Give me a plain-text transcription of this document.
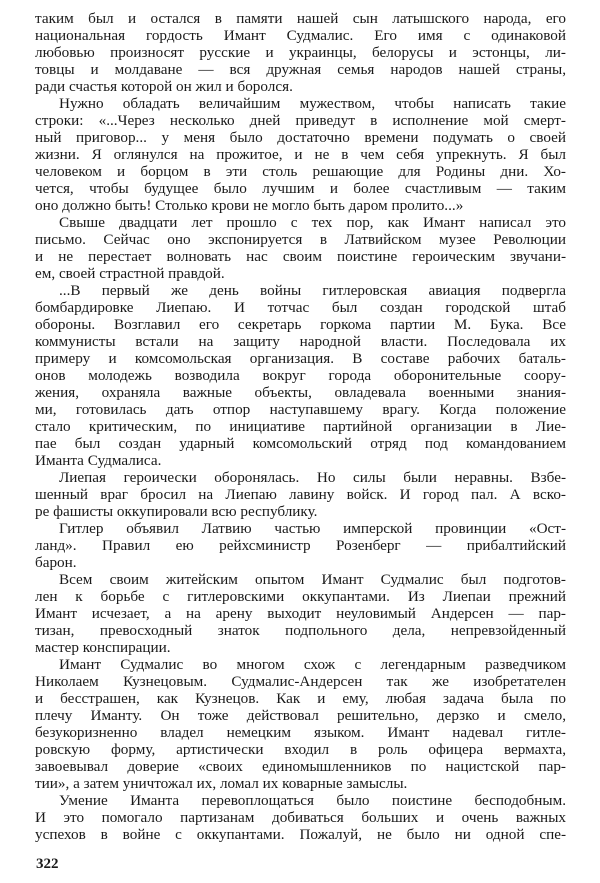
таким был и остался в памяти нашей сын латышского народа, его
национальная гордость Имант Судмалис. Его имя с одинаковой
любовью произносят русские и украинцы, белорусы и эстонцы, ли-
товцы и молдаване — вся дружная семья народов нашей страны,
ради счастья которой он жил и боролся.
Нужно обладать величайшим мужеством, чтобы написать такие
строки: «...Через несколько дней приведут в исполнение мой смерт-
ный приговор... у меня было достаточно времени подумать о своей
жизни. Я оглянулся на прожитое, и не в чем себя упрекнуть. Я был
человеком и борцом в эти столь решающие для Родины дни. Хо-
чется, чтобы будущее было лучшим и более счастливым — таким
оно должно быть! Столько крови не могло быть даром пролито...»
Свыше двадцати лет прошло с тех пор, как Имант написал это
письмо. Сейчас оно экспонируется в Латвийском музее Революции
и не перестает волновать нас своим поистине героическим звучани-
ем, своей страстной правдой.
...В первый же день войны гитлеровская авиация подвергла
бомбардировке Лиепаю. И тотчас был создан городской штаб
обороны. Возглавил его секретарь горкома партии М. Бука. Все
коммунисты встали на защиту народной власти. Последовала их
примеру и комсомольская организация. В составе рабочих баталь-
онов молодежь возводила вокруг города оборонительные соору-
жения, охраняла важные объекты, овладевала военными знания-
ми, готовилась дать отпор наступавшему врагу. Когда положение
стало критическим, по инициативе партийной организации в Лие-
пае был создан ударный комсомольский отряд под командованием
Иманта Судмалиса.
Лиепая героически оборонялась. Но силы были неравны. Взбе-
шенный враг бросил на Лиепаю лавину войск. И город пал. А вско-
ре фашисты оккупировали всю республику.
Гитлер объявил Латвию частью имперской провинции «Ост-
ланд». Правил ею рейхсминистр Розенберг — прибалтийский
барон.
Всем своим житейским опытом Имант Судмалис был подготов-
лен к борьбе с гитлеровскими оккупантами. Из Лиепаи прежний
Имант исчезает, а на арену выходит неуловимый Андерсен — пар-
тизан, превосходный знаток подпольного дела, непревзойденный
мастер конспирации.
Имант Судмалис во многом схож с легендарным разведчиком
Николаем Кузнецовым. Судмалис-Андерсен так же изобретателен
и бесстрашен, как Кузнецов. Как и ему, любая задача была по
плечу Иманту. Он тоже действовал решительно, дерзко и смело,
безукоризненно владел немецким языком. Имант надевал гитле-
ровскую форму, артистически входил в роль офицера вермахта,
завоевывал доверие «своих единомышленников по нацистской пар-
тии», а затем уничтожал их, ломал их коварные замыслы.
Умение Иманта перевоплощаться было поистине бесподобным.
И это помогало партизанам добиваться больших и очень важных
успехов в войне с оккупантами. Пожалуй, не было ни одной спе-
322
